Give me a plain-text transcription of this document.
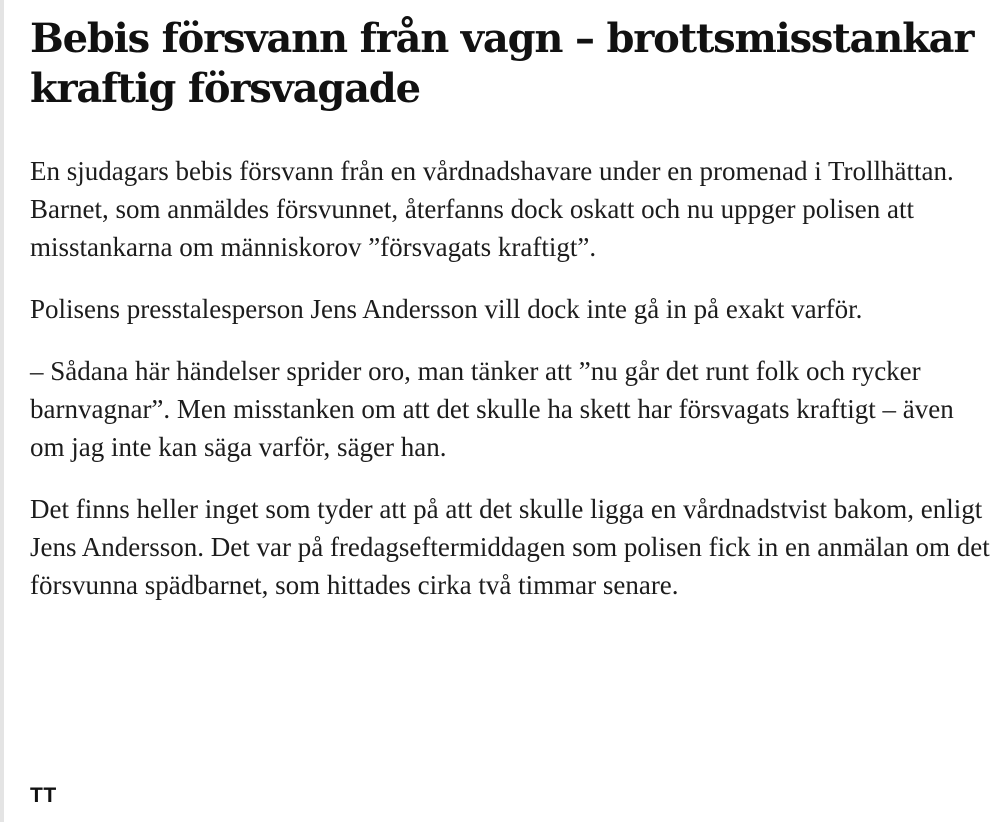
Bebis försvann från vagn – brottsmisstankar kraftig försvagade

En sjudagars bebis försvann från en vårdnadshavare under en promenad i Trollhättan. Barnet, som anmäldes försvunnet, återfanns dock oskatt och nu uppger polisen att misstankarna om människorov ”försvagats kraftigt”.

Polisens presstalesperson Jens Andersson vill dock inte gå in på exakt varför.

– Sådana här händelser sprider oro, man tänker att ”nu går det runt folk och rycker barnvagnar”. Men misstanken om att det skulle ha skett har försvagats kraftigt – även om jag inte kan säga varför, säger han.

Det finns heller inget som tyder att på att det skulle ligga en vårdnadstvist bakom, enligt Jens Andersson. Det var på fredagseftermiddagen som polisen fick in en anmälan om det försvunna spädbarnet, som hittades cirka två timmar senare.

TT
